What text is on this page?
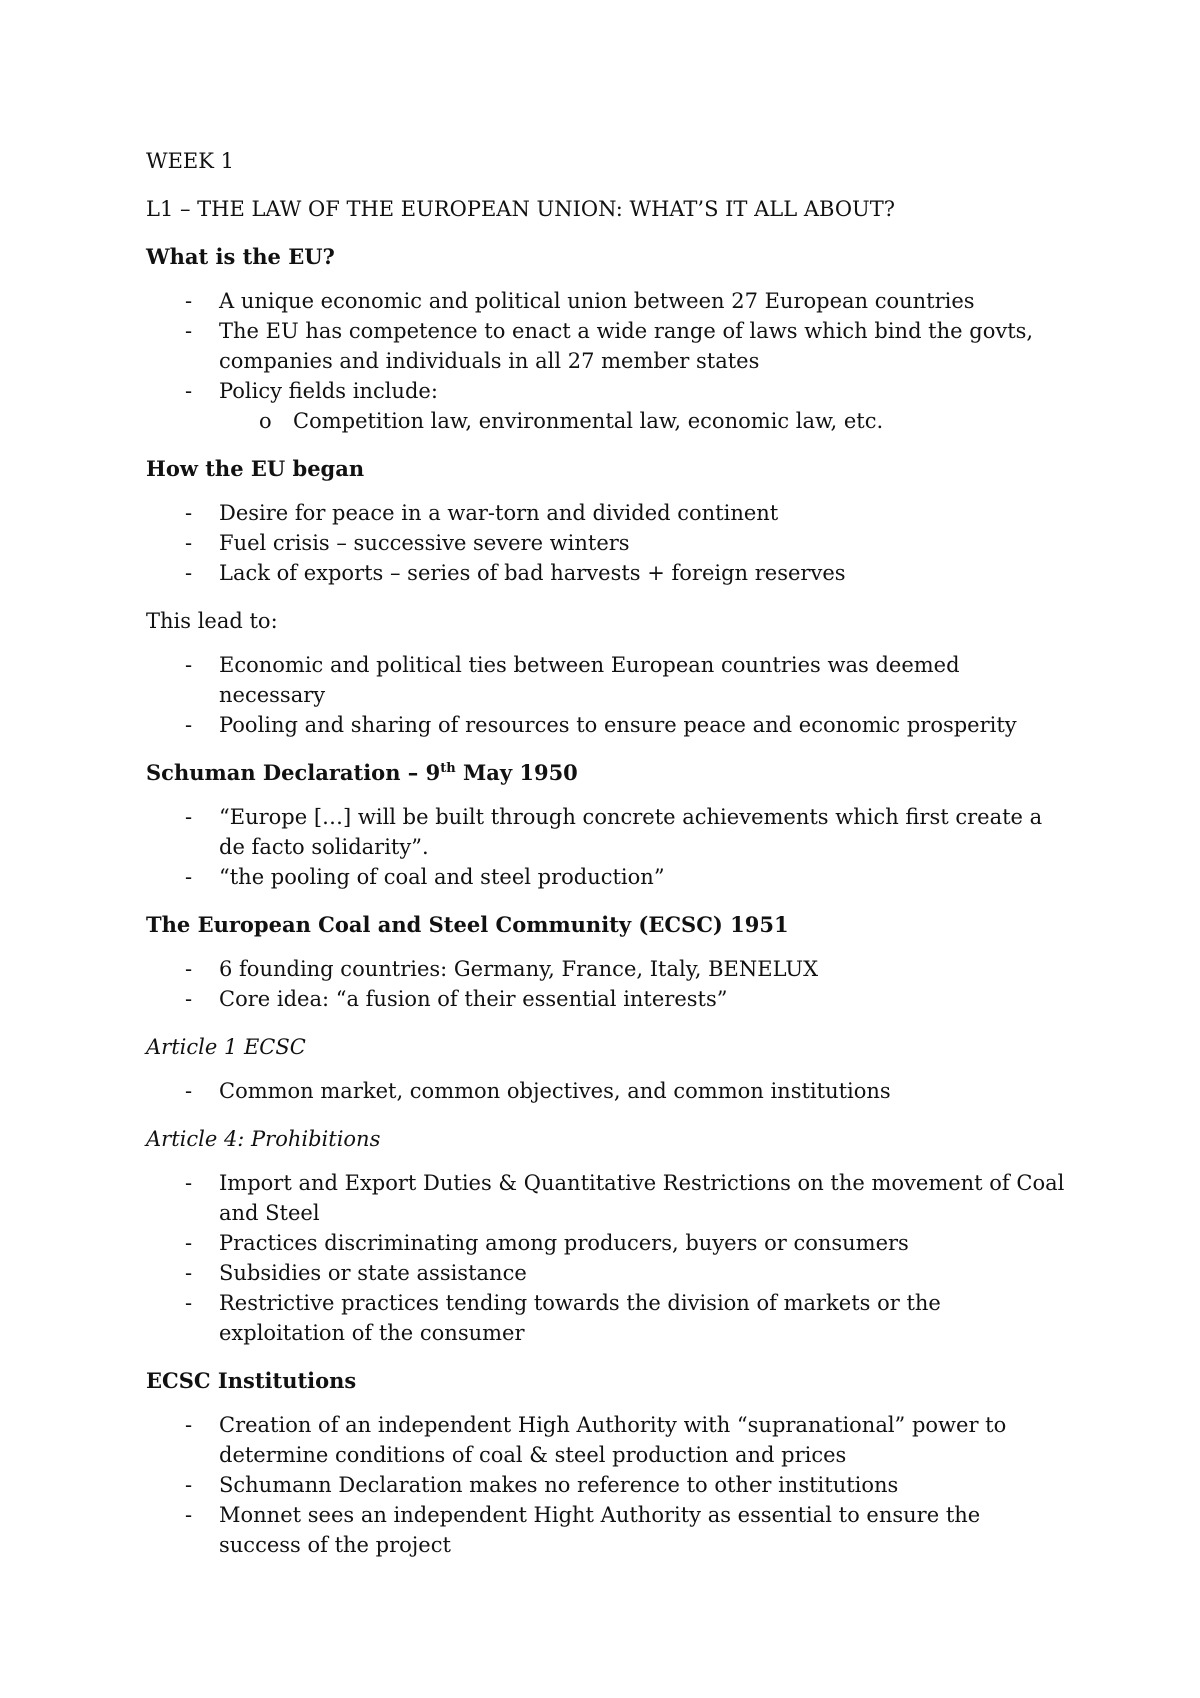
WEEK 1

L1 – THE LAW OF THE EUROPEAN UNION: WHAT’S IT ALL ABOUT?

What is the EU?

- A unique economic and political union between 27 European countries
- The EU has competence to enact a wide range of laws which bind the govts, companies and individuals in all 27 member states
- Policy fields include:
o Competition law, environmental law, economic law, etc.

How the EU began

- Desire for peace in a war-torn and divided continent
- Fuel crisis – successive severe winters
- Lack of exports – series of bad harvests + foreign reserves

This lead to:

- Economic and political ties between European countries was deemed necessary
- Pooling and sharing of resources to ensure peace and economic prosperity

Schuman Declaration – 9th May 1950

- “Europe […] will be built through concrete achievements which first create a de facto solidarity”.
- “the pooling of coal and steel production”

The European Coal and Steel Community (ECSC) 1951

- 6 founding countries: Germany, France, Italy, BENELUX
- Core idea: “a fusion of their essential interests”

Article 1 ECSC

- Common market, common objectives, and common institutions

Article 4: Prohibitions

- Import and Export Duties & Quantitative Restrictions on the movement of Coal and Steel
- Practices discriminating among producers, buyers or consumers
- Subsidies or state assistance
- Restrictive practices tending towards the division of markets or the exploitation of the consumer

ECSC Institutions

- Creation of an independent High Authority with “supranational” power to determine conditions of coal & steel production and prices
- Schumann Declaration makes no reference to other institutions
- Monnet sees an independent Hight Authority as essential to ensure the success of the project
